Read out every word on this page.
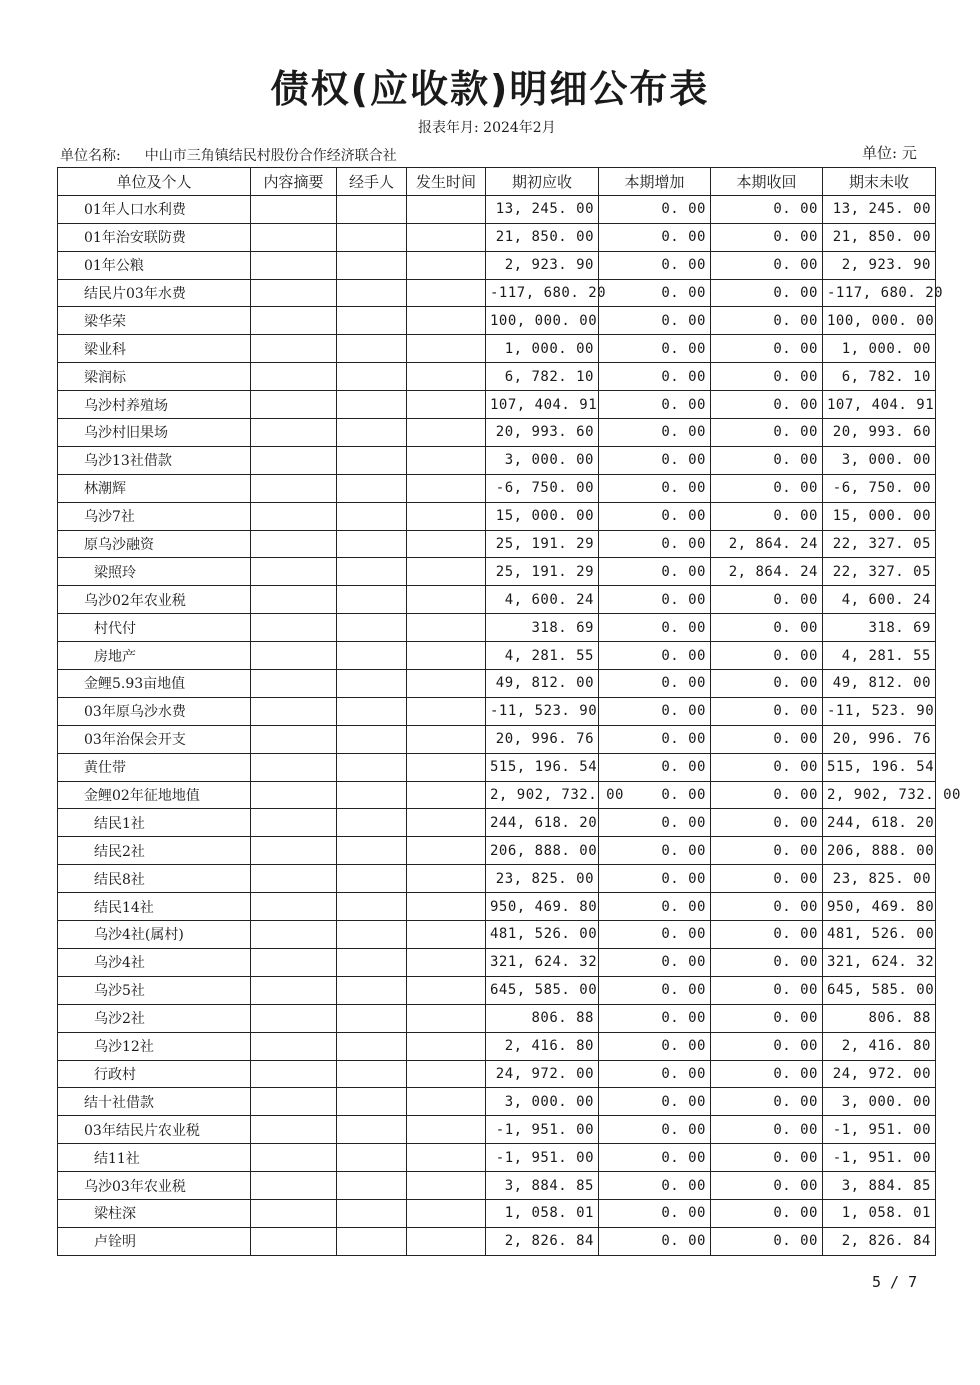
债权(应收款)明细公布表
报表年月: 2024年2月
单位名称: 中山市三角镇结民村股份合作经济联合社	单位: 元
单位及个人	内容摘要	经手人	发生时间	期初应收	本期增加	本期收回	期末未收
01年人口水利费				13, 245. 00	0. 00	0. 00	13, 245. 00
01年治安联防费				21, 850. 00	0. 00	0. 00	21, 850. 00
01年公粮				2, 923. 90	0. 00	0. 00	2, 923. 90
结民片03年水费				-117, 680. 20	0. 00	0. 00	-117, 680. 20
梁华荣				100, 000. 00	0. 00	0. 00	100, 000. 00
梁业科				1, 000. 00	0. 00	0. 00	1, 000. 00
梁润标				6, 782. 10	0. 00	0. 00	6, 782. 10
乌沙村养殖场				107, 404. 91	0. 00	0. 00	107, 404. 91
乌沙村旧果场				20, 993. 60	0. 00	0. 00	20, 993. 60
乌沙13社借款				3, 000. 00	0. 00	0. 00	3, 000. 00
林潮辉				-6, 750. 00	0. 00	0. 00	-6, 750. 00
乌沙7社				15, 000. 00	0. 00	0. 00	15, 000. 00
原乌沙融资				25, 191. 29	0. 00	2, 864. 24	22, 327. 05
梁照玲				25, 191. 29	0. 00	2, 864. 24	22, 327. 05
乌沙02年农业税				4, 600. 24	0. 00	0. 00	4, 600. 24
村代付				318. 69	0. 00	0. 00	318. 69
房地产				4, 281. 55	0. 00	0. 00	4, 281. 55
金鲤5.93亩地值				49, 812. 00	0. 00	0. 00	49, 812. 00
03年原乌沙水费				-11, 523. 90	0. 00	0. 00	-11, 523. 90
03年治保会开支				20, 996. 76	0. 00	0. 00	20, 996. 76
黄仕带				515, 196. 54	0. 00	0. 00	515, 196. 54
金鲤02年征地地值				2, 902, 732. 00	0. 00	0. 00	2, 902, 732. 00
结民1社				244, 618. 20	0. 00	0. 00	244, 618. 20
结民2社				206, 888. 00	0. 00	0. 00	206, 888. 00
结民8社				23, 825. 00	0. 00	0. 00	23, 825. 00
结民14社				950, 469. 80	0. 00	0. 00	950, 469. 80
乌沙4社(属村)				481, 526. 00	0. 00	0. 00	481, 526. 00
乌沙4社				321, 624. 32	0. 00	0. 00	321, 624. 32
乌沙5社				645, 585. 00	0. 00	0. 00	645, 585. 00
乌沙2社				806. 88	0. 00	0. 00	806. 88
乌沙12社				2, 416. 80	0. 00	0. 00	2, 416. 80
行政村				24, 972. 00	0. 00	0. 00	24, 972. 00
结十社借款				3, 000. 00	0. 00	0. 00	3, 000. 00
03年结民片农业税				-1, 951. 00	0. 00	0. 00	-1, 951. 00
结11社				-1, 951. 00	0. 00	0. 00	-1, 951. 00
乌沙03年农业税				3, 884. 85	0. 00	0. 00	3, 884. 85
梁柱深				1, 058. 01	0. 00	0. 00	1, 058. 01
卢铨明				2, 826. 84	0. 00	0. 00	2, 826. 84
5 / 7
